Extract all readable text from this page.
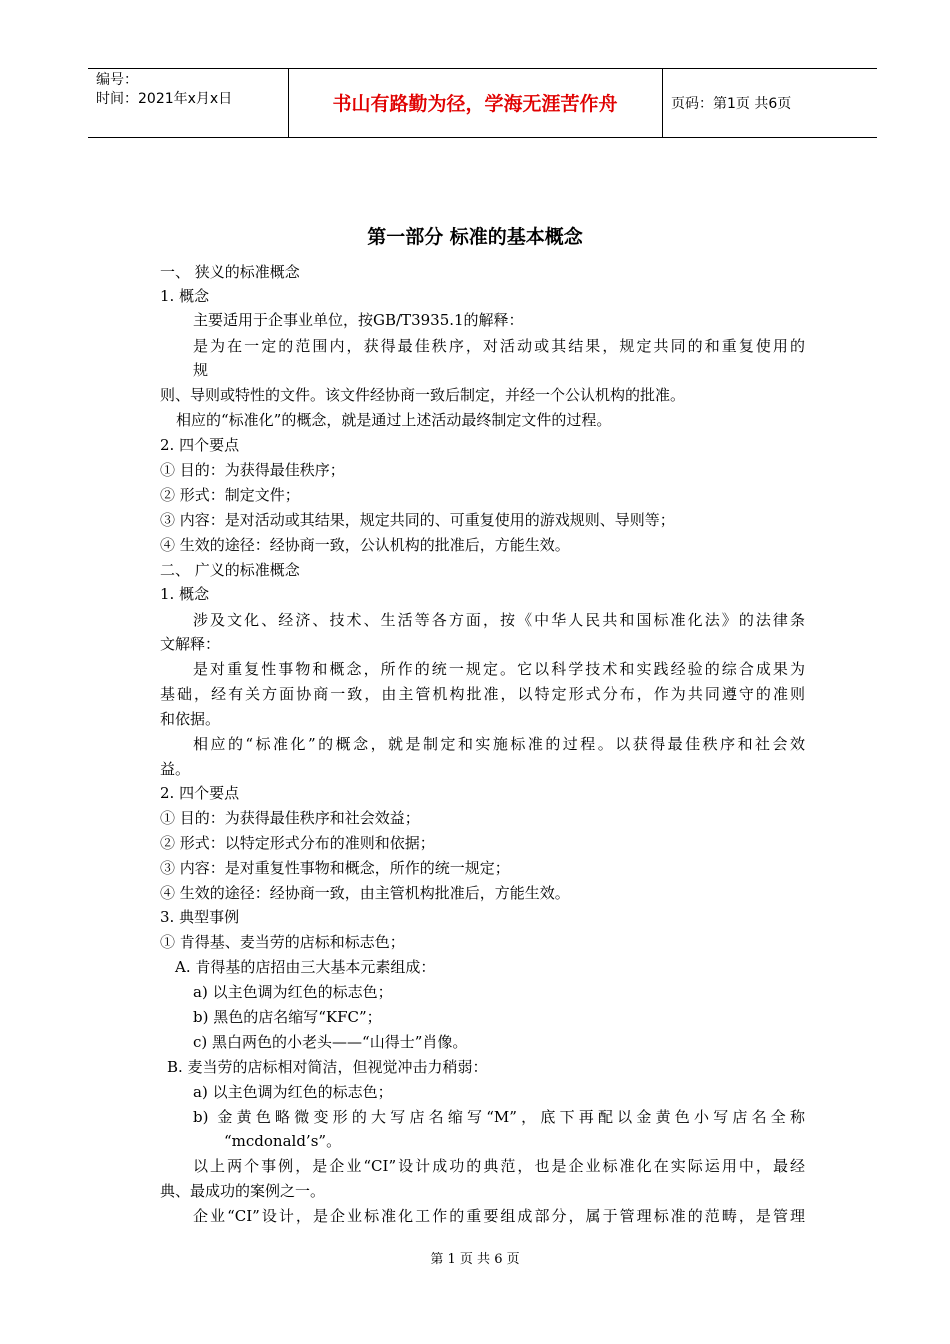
编号：
时间：2021年x月x日	书山有路勤为径，学海无涯苦作舟	页码：第1页 共6页
第一部分 标准的基本概念
一、 狭义的标准概念
1. 概念
主要适用于企事业单位，按GB/T3935.1的解释：
是为在一定的范围内，获得最佳秩序，对活动或其结果，规定共同的和重复使用的
规
则、导则或特性的文件。该文件经协商一致后制定，并经一个公认机构的批准。
相应的“标准化”的概念，就是通过上述活动最终制定文件的过程。
2. 四个要点
① 目的：为获得最佳秩序；
② 形式：制定文件；
③ 内容：是对活动或其结果，规定共同的、可重复使用的游戏规则、导则等；
④ 生效的途径：经协商一致，公认机构的批准后，方能生效。
二、 广义的标准概念
1. 概念
涉及文化、经济、技术、生活等各方面，按《中华人民共和国标准化法》的法律条
文解释：
是对重复性事物和概念，所作的统一规定。它以科学技术和实践经验的综合成果为
基础，经有关方面协商一致，由主管机构批准，以特定形式分布，作为共同遵守的准则
和依据。
相应的“标准化”的概念，就是制定和实施标准的过程。以获得最佳秩序和社会效
益。
2. 四个要点
① 目的：为获得最佳秩序和社会效益；
② 形式：以特定形式分布的准则和依据；
③ 内容：是对重复性事物和概念，所作的统一规定；
④ 生效的途径：经协商一致，由主管机构批准后，方能生效。
3. 典型事例
① 肯得基、麦当劳的店标和标志色；
A. 肯得基的店招由三大基本元素组成：
a) 以主色调为红色的标志色；
b) 黑色的店名缩写“KFC”；
c) 黑白两色的小老头——“山得士”肖像。
B. 麦当劳的店标相对简洁，但视觉冲击力稍弱：
a) 以主色调为红色的标志色；
b) 金黄色略微变形的大写店名缩写“M”，底下再配以金黄色小写店名全称
“mcdonald’s”。
以上两个事例，是企业“CI”设计成功的典范，也是企业标准化在实际运用中，最经
典、最成功的案例之一。
企业“CI”设计，是企业标准化工作的重要组成部分，属于管理标准的范畴，是管理
第 1 页 共 6 页
